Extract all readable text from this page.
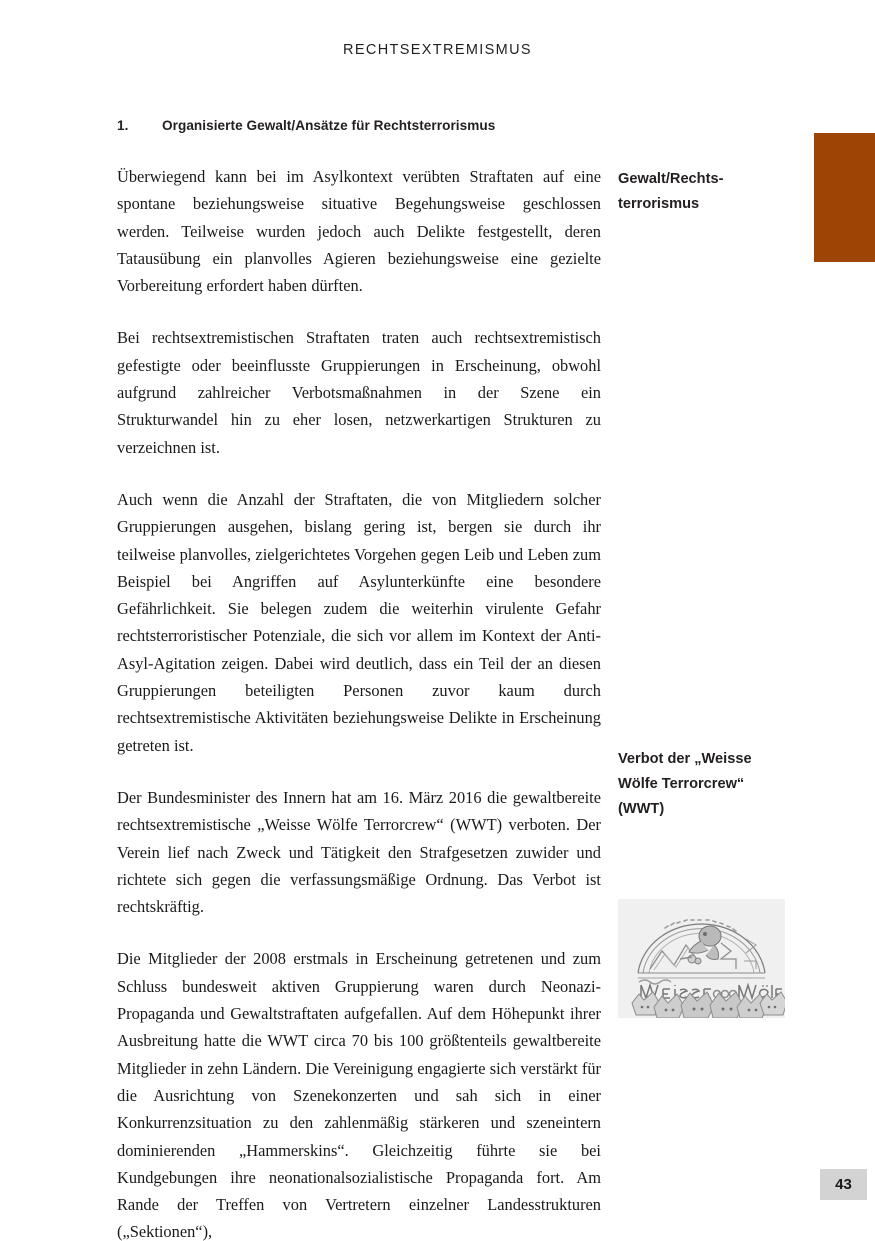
RECHTSEXTREMISMUS
1. Organisierte Gewalt/Ansätze für Rechtsterrorismus

Überwiegend kann bei im Asylkontext verübten Straftaten auf eine spontane beziehungsweise situative Begehungsweise geschlossen werden. Teilweise wurden jedoch auch Delikte festgestellt, deren Tatausübung ein planvolles Agieren beziehungsweise eine gezielte Vorbereitung erfordert haben dürften.

Bei rechtsextremistischen Straftaten traten auch rechtsextremistisch gefestigte oder beeinflusste Gruppierungen in Erscheinung, obwohl aufgrund zahlreicher Verbotsmaßnahmen in der Szene ein Strukturwandel hin zu eher losen, netzwerkartigen Strukturen zu verzeichnen ist.

Auch wenn die Anzahl der Straftaten, die von Mitgliedern solcher Gruppierungen ausgehen, bislang gering ist, bergen sie durch ihr teilweise planvolles, zielgerichtetes Vorgehen gegen Leib und Leben zum Beispiel bei Angriffen auf Asylunterkünfte eine besondere Gefährlichkeit. Sie belegen zudem die weiterhin virulente Gefahr rechtsterroristischer Potenziale, die sich vor allem im Kontext der Anti-Asyl-Agitation zeigen. Dabei wird deutlich, dass ein Teil der an diesen Gruppierungen beteiligten Personen zuvor kaum durch rechtsextremistische Aktivitäten beziehungsweise Delikte in Erscheinung getreten ist.

Der Bundesminister des Innern hat am 16. März 2016 die gewaltbereite rechtsextremistische „Weisse Wölfe Terrorcrew“ (WWT) verboten. Der Verein lief nach Zweck und Tätigkeit den Strafgesetzen zuwider und richtete sich gegen die verfassungsmäßige Ordnung. Das Verbot ist rechtskräftig.

Die Mitglieder der 2008 erstmals in Erscheinung getretenen und zum Schluss bundesweit aktiven Gruppierung waren durch Neonazi-Propaganda und Gewaltstraftaten aufgefallen. Auf dem Höhepunkt ihrer Ausbreitung hatte die WWT circa 70 bis 100 größtenteils gewaltbereite Mitglieder in zehn Ländern. Die Vereinigung engagierte sich verstärkt für die Ausrichtung von Szenekonzerten und sah sich in einer Konkurrenzsituation zu den zahlenmäßig stärkeren und szeneintern dominierenden „Hammerskins“. Gleichzeitig führte sie bei Kundgebungen ihre neonationalsozialistische Propaganda fort. Am Rande der Treffen von Vertretern einzelner Landesstrukturen („Sektionen“),

Gewalt/Rechts- terrorismus
Verbot der „Weisse Wölfe Terrorcrew“ (WWT)
43
